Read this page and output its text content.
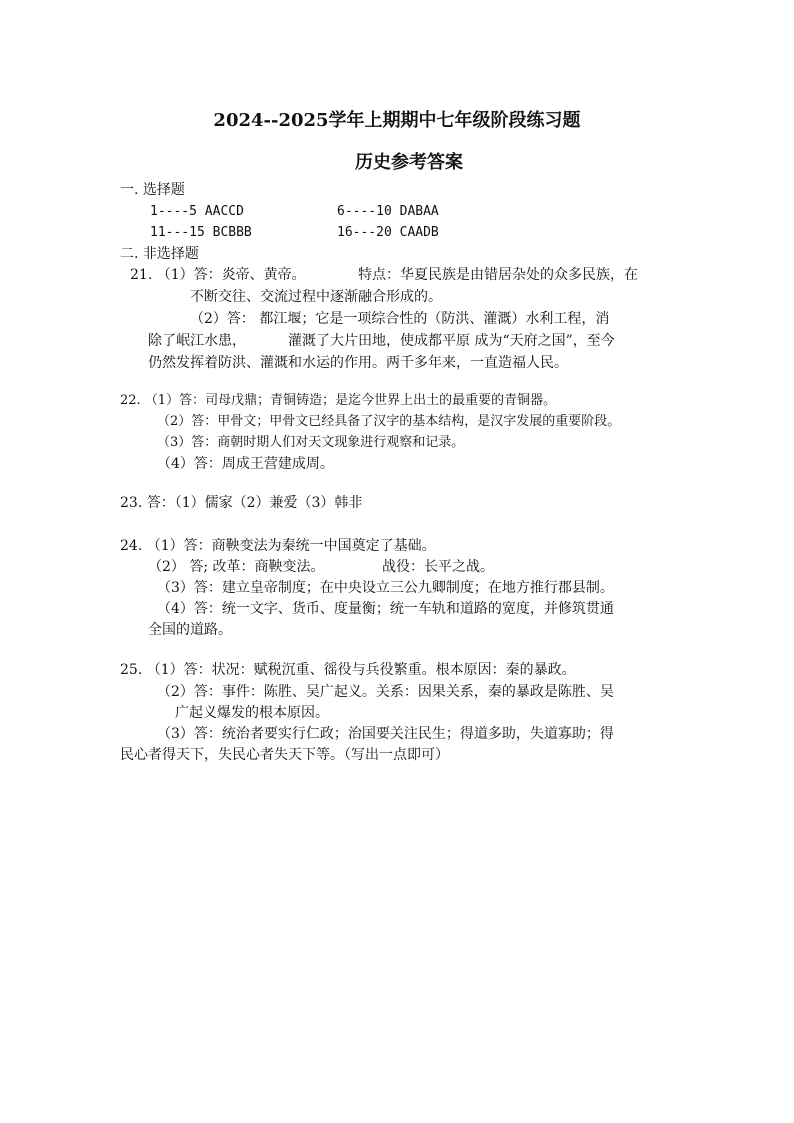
2024--2025学年上期期中七年级阶段练习题
历史参考答案
一. 选择题
1----5 AACCD	6----10 DABAA
11---15 BCBBB	16---20 CAADB
二. 非选择题
21. （1）答：炎帝、黄帝。	特点：华夏民族是由错居杂处的众多民族，在
不断交往、交流过程中逐渐融合形成的。
（2）答： 都江堰；它是一项综合性的（防洪、灌溉）水利工程，消
除了岷江水患，	灌溉了大片田地，使成都平原 成为“天府之国”，至今
仍然发挥着防洪、灌溉和水运的作用。两千多年来，一直造福人民。
22. （1）答：司母戊鼎；青铜铸造；是迄今世界上出土的最重要的青铜器。
（2）答：甲骨文；甲骨文已经具备了汉字的基本结构，是汉字发展的重要阶段。
（3）答：商朝时期人们对天文现象进行观察和记录。
（4）答：周成王营建成周。
23. 答：（1）儒家（2）兼爱（3）韩非
24. （1）答：商鞅变法为秦统一中国奠定了基础。
（2） 答; 改革：商鞅变法。	战役：长平之战。
（3）答：建立皇帝制度；在中央设立三公九卿制度；在地方推行郡县制。
（4）答：统一文字、货币、度量衡；统一车轨和道路的宽度，并修筑贯通
全国的道路。
25. （1）答：状况：赋税沉重、徭役与兵役繁重。根本原因：秦的暴政。
（2）答：事件：陈胜、吴广起义。关系：因果关系，秦的暴政是陈胜、吴
广起义爆发的根本原因。
（3）答：统治者要实行仁政；治国要关注民生；得道多助，失道寡助；得
民心者得天下，失民心者失天下等。（写出一点即可）
